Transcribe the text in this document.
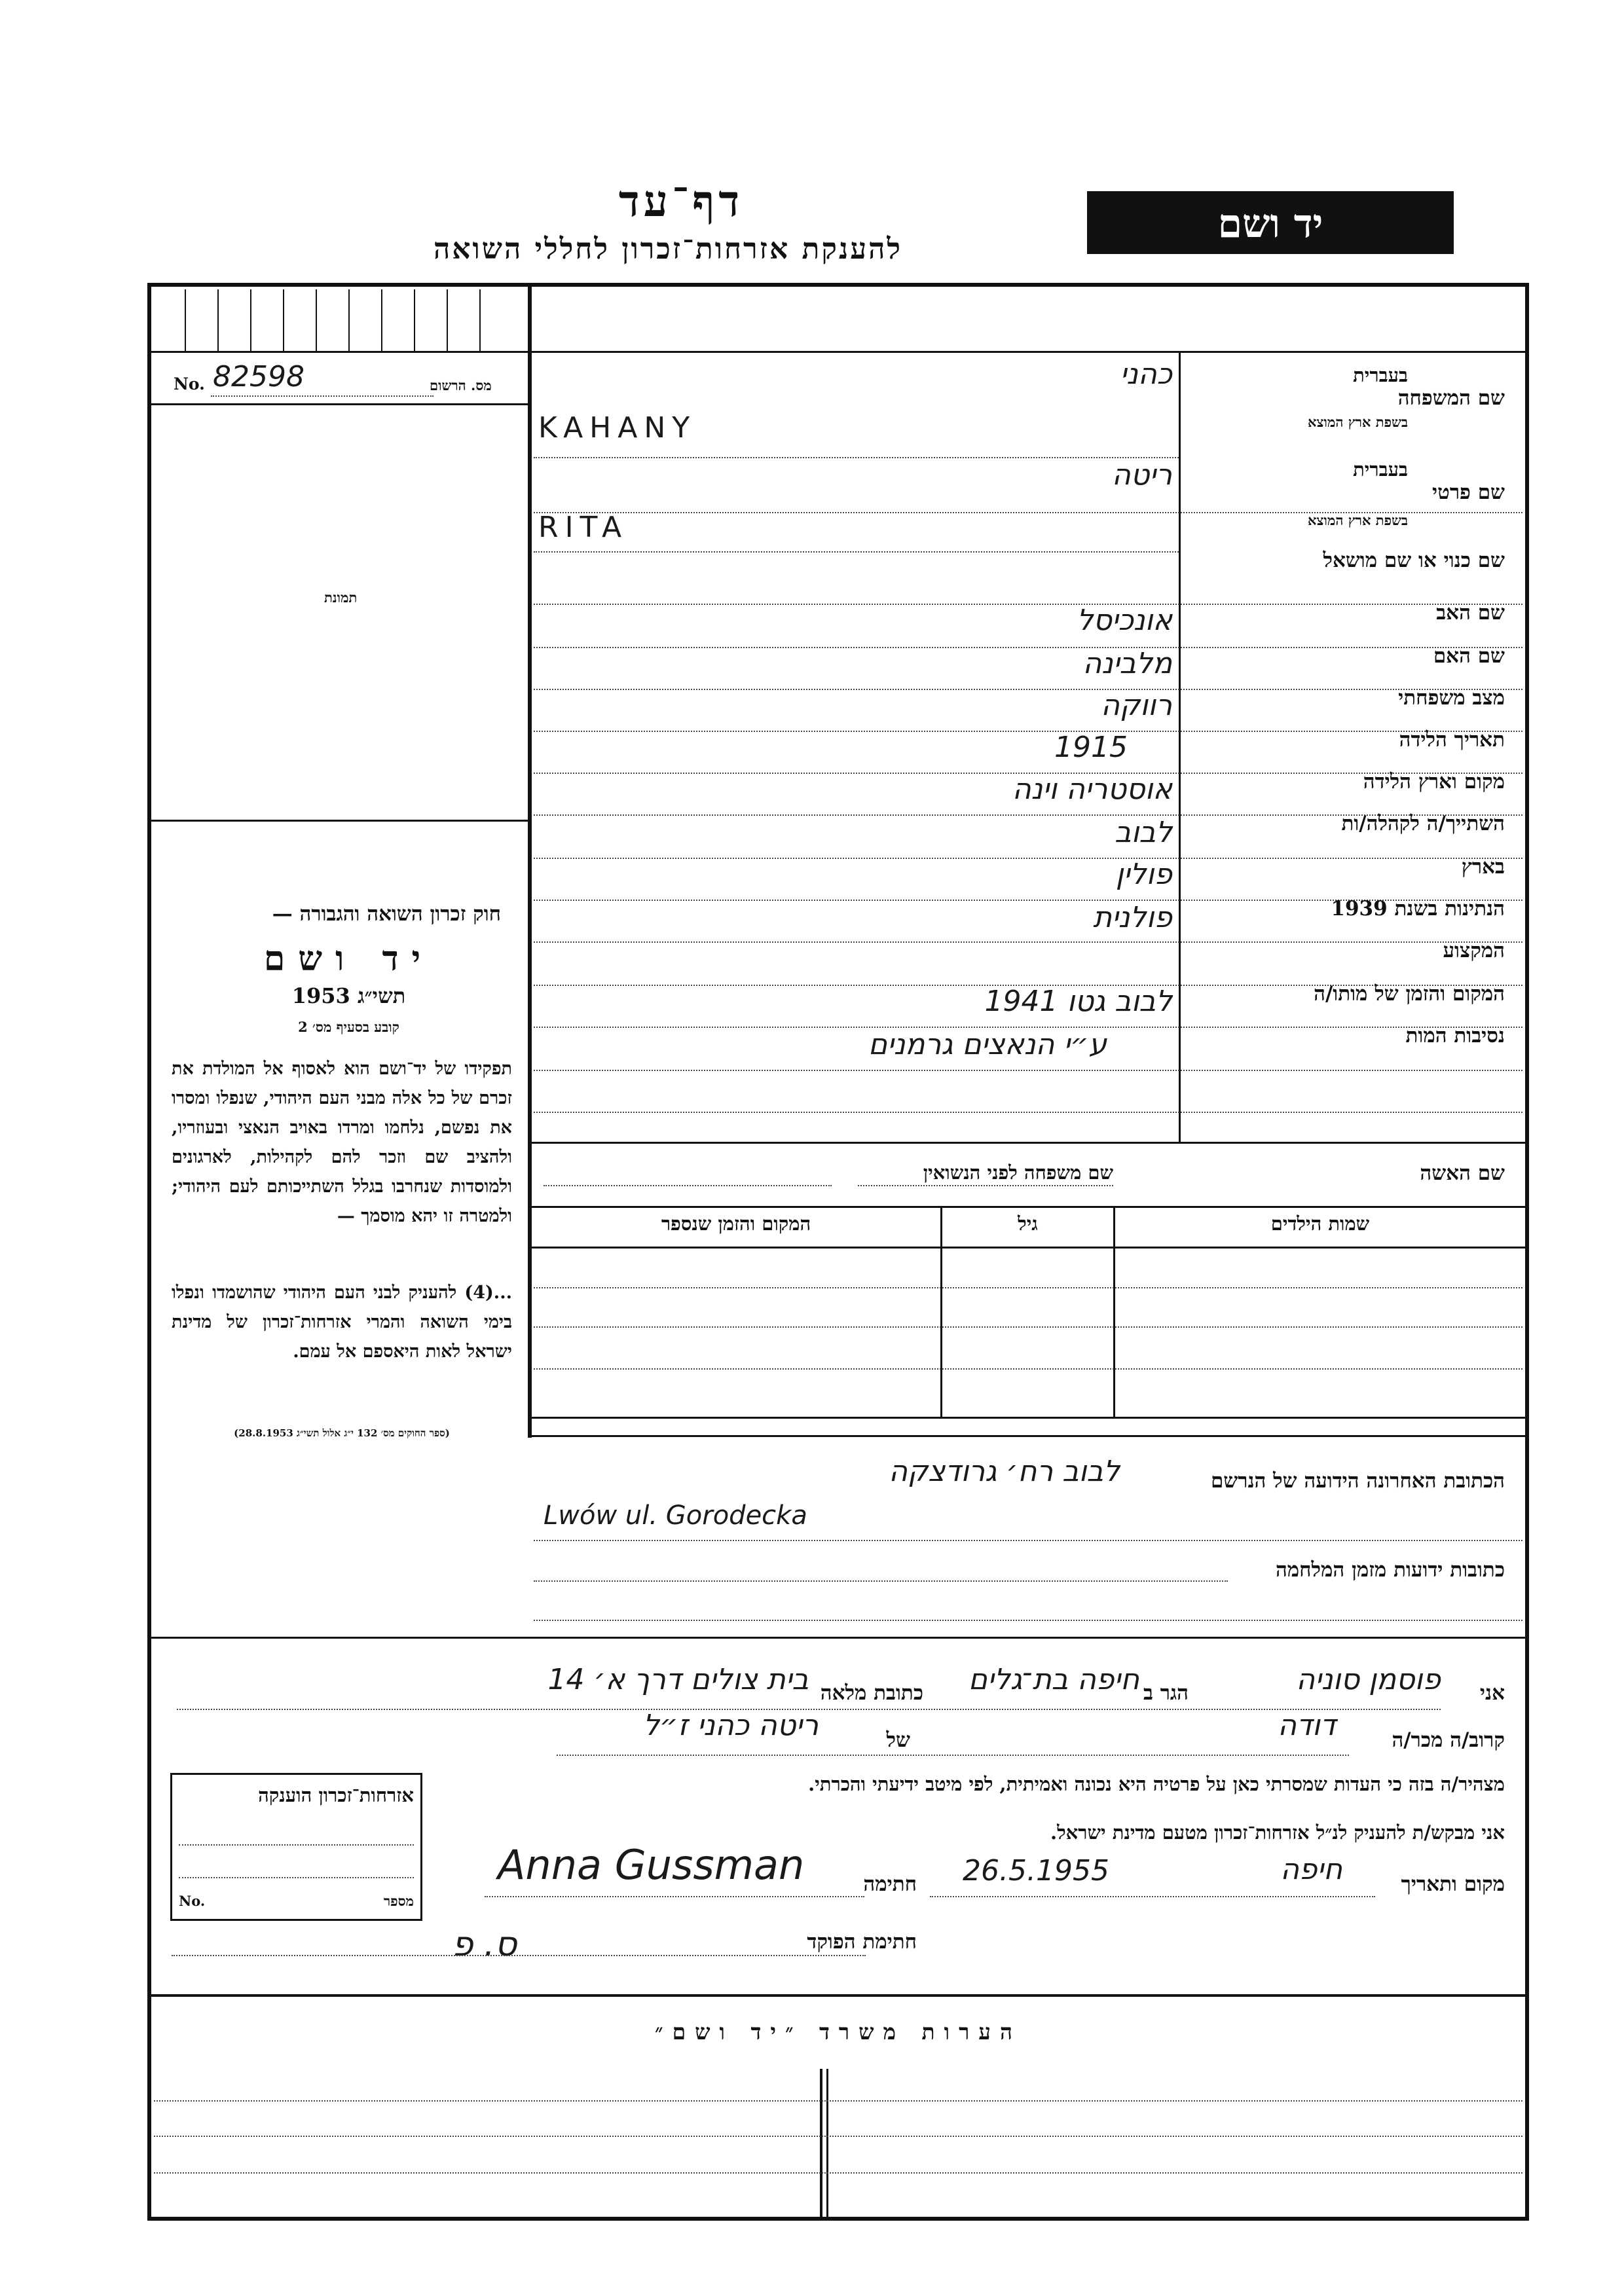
דף־עד
להענקת אזרחות־זכרון לחללי השואה
יד ושם
מס. הרשום
No. 82598
תמונת
חוק זכרון השואה והגבורה —
יד ושם
תשי״ג 1953
קובע בסעיף מס׳ 2
תפקידו של יד־ושם הוא לאסוף אל המולדת את זכרם של כל אלה מבני העם היהודי, שנפלו ומסרו את נפשם, נלחמו ומרדו באויב הנאצי ובעוזריו, ולהציב שם וזכר להם לקהילות, לארגונים ולמוסדות שנחרבו בגלל השתייכותם לעם היהודי; ולמטרה זו יהא מוסמך —
...(4) להעניק לבני העם היהודי שהושמדו ונפלו בימי השואה והמרי אזרחות־זכרון של מדינת ישראל לאות היאספם אל עמם.
(ספר החוקים מס׳ 132 י״ג אלול תשי״ג 28.8.1953)
שם המשפחה
בעברית
בשפת ארץ המוצא
כהני
KAHANY
שם פרטי
בעברית
בשפת ארץ המוצא
ריטה
RITA
שם כנוי או שם מושאל
שם האב
אונכיסל
שם האם
מלבינה
מצב משפחתי
רווקה
תאריך הלידה
1915
מקום וארץ הלידה
אוסטריה וינה
השתייך/ה לקהלה/ות
לבוב
בארץ
פולין
הנתינות בשנת 1939
פולנית
המקצוע
המקום והזמן של מותו/ה
לבוב גטו 1941
נסיבות המות
ע״י הנאצים גרמנים
שם האשה
שם משפחה לפני הנשואין
שמות הילדים
גיל
המקום והזמן שנספר
הכתובת האחרונה הידועה של הנרשם
לבוב רח׳ גרודצקה
Lwów ul. Gorodecka
כתובות ידועות מזמן המלחמה
אני
פוסמן סוניה
הגר ב
חיפה בת־גלים
כתובת מלאה
בית צולים דרך א׳ 14
קרוב/ה מכר/ה
דודה
של
ריטה כהני ז״ל
מצהיר/ה בזה כי העדות שמסרתי כאן על פרטיה היא נכונה ואמיתית, לפי מיטב ידיעתי והכרתי.
אני מבקש/ת להעניק לנ״ל אזרחות־זכרון מטעם מדינת ישראל.
מקום ותאריך
חיפה
26.5.1955
חתימה
Anna Gussman
חתימת הפוקד
ס. פ
אזרחות־זכרון הוענקה
No.	מספר
הערות משרד ״יד ושם״
